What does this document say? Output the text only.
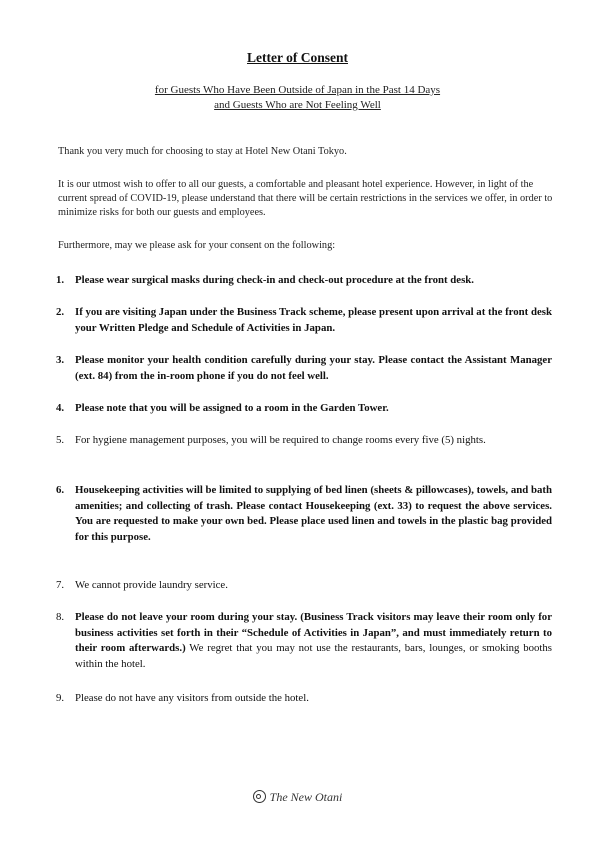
Letter of Consent
for Guests Who Have Been Outside of Japan in the Past 14 Days
and Guests Who are Not Feeling Well
Thank you very much for choosing to stay at Hotel New Otani Tokyo.
It is our utmost wish to offer to all our guests, a comfortable and pleasant hotel experience. However, in light of the current spread of COVID-19, please understand that there will be certain restrictions in the services we offer, in order to minimize risks for both our guests and employees.
Furthermore, may we please ask for your consent on the following:
1.	Please wear surgical masks during check-in and check-out procedure at the front desk.
2.	If you are visiting Japan under the Business Track scheme, please present upon arrival at the front desk your Written Pledge and Schedule of Activities in Japan.
3.	Please monitor your health condition carefully during your stay. Please contact the Assistant Manager (ext. 84) from the in-room phone if you do not feel well.
4.	Please note that you will be assigned to a room in the Garden Tower.
5.	For hygiene management purposes, you will be required to change rooms every five (5) nights.
6.	Housekeeping activities will be limited to supplying of bed linen (sheets & pillowcases), towels, and bath amenities; and collecting of trash. Please contact Housekeeping (ext. 33) to request the above services. You are requested to make your own bed. Please place used linen and towels in the plastic bag provided for this purpose.
7.	We cannot provide laundry service.
8.	Please do not leave your room during your stay. (Business Track visitors may leave their room only for business activities set forth in their “Schedule of Activities in Japan”, and must immediately return to their room afterwards.) We regret that you may not use the restaurants, bars, lounges, or smoking booths within the hotel.
9.	Please do not have any visitors from outside the hotel.
The New Otani
